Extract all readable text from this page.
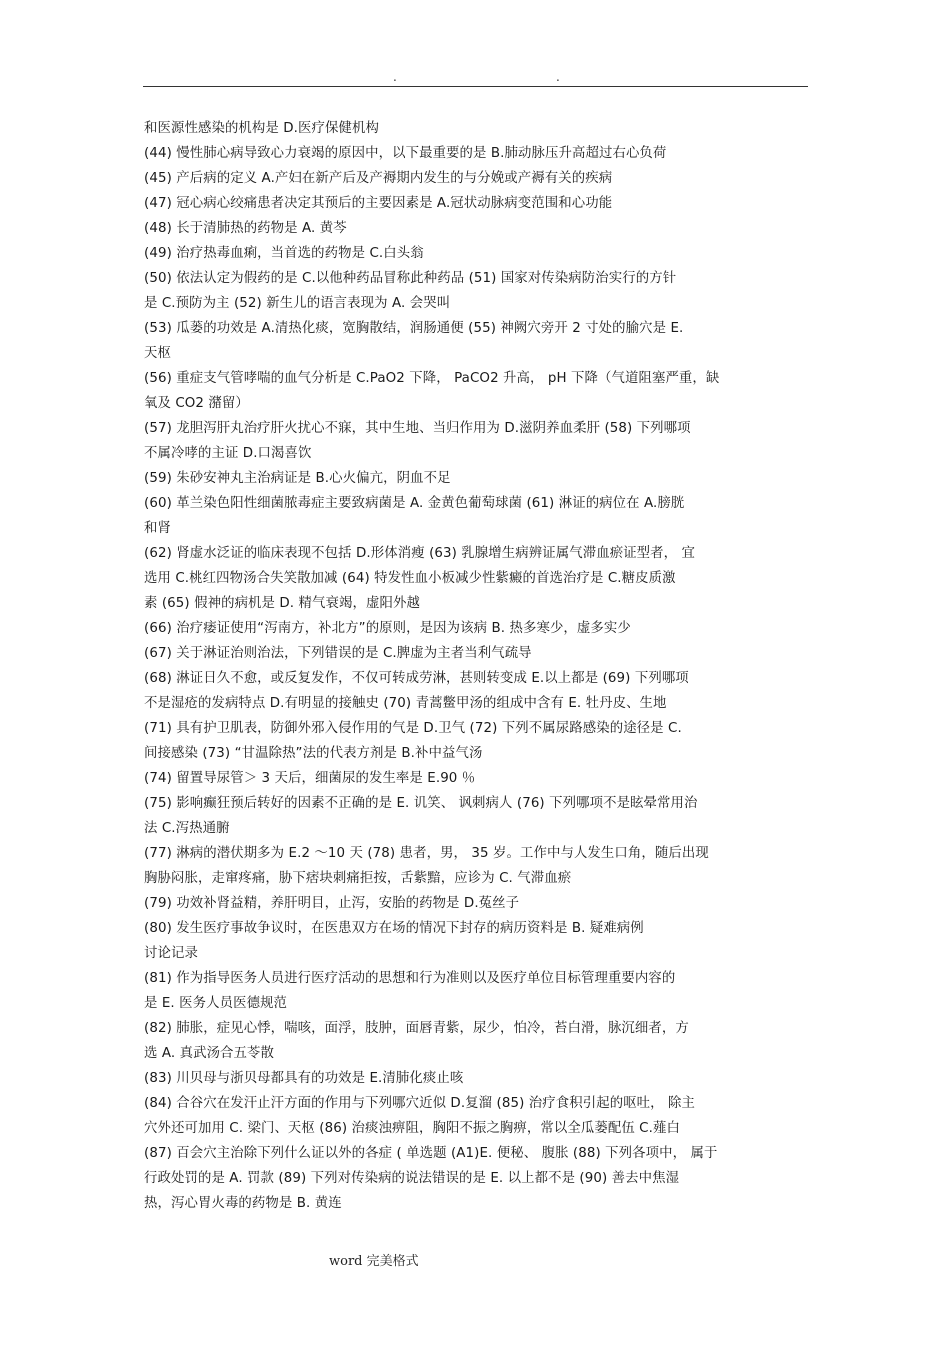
.	.
和医源性感染的机构是 D.医疗保健机构
(44) 慢性肺心病导致心力衰竭的原因中，以下最重要的是 B.肺动脉压升高超过右心负荷
(45) 产后病的定义 A.产妇在新产后及产褥期内发生的与分娩或产褥有关的疾病
(47) 冠心病心绞痛患者决定其预后的主要因素是 A.冠状动脉病变范围和心功能
(48) 长于清肺热的药物是 A. 黄芩
(49) 治疗热毒血痢，当首选的药物是 C.白头翁
(50) 依法认定为假药的是 C.以他种药品冒称此种药品 (51) 国家对传染病防治实行的方针
是 C.预防为主 (52) 新生儿的语言表现为 A. 会哭叫
(53) 瓜蒌的功效是 A.清热化痰，宽胸散结，润肠通便 (55) 神阙穴旁开 2 寸处的腧穴是 E.
天枢
(56) 重症支气管哮喘的血气分析是 C.PaO2 下降， PaCO2 升高， pH 下降（气道阻塞严重，缺
氧及 CO2 潴留）
(57) 龙胆泻肝丸治疗肝火扰心不寐，其中生地、当归作用为 D.滋阴养血柔肝 (58) 下列哪项
不属冷哮的主证 D.口渴喜饮
(59) 朱砂安神丸主治病证是 B.心火偏亢，阴血不足
(60) 革兰染色阳性细菌脓毒症主要致病菌是 A. 金黄色葡萄球菌 (61) 淋证的病位在 A.膀胱
和肾
(62) 肾虚水泛证的临床表现不包括 D.形体消瘦 (63) 乳腺增生病辨证属气滞血瘀证型者， 宜
选用 C.桃红四物汤合失笑散加减 (64) 特发性血小板减少性紫癜的首选治疗是 C.糖皮质激
素 (65) 假神的病机是 D. 精气衰竭，虚阳外越
(66) 治疗痿证使用“泻南方，补北方”的原则，是因为该病 B. 热多寒少，虚多实少
(67) 关于淋证治则治法，下列错误的是 C.脾虚为主者当利气疏导
(68) 淋证日久不愈，或反复发作，不仅可转成劳淋，甚则转变成 E.以上都是 (69) 下列哪项
不是湿疮的发病特点 D.有明显的接触史 (70) 青蒿鳖甲汤的组成中含有 E. 牡丹皮、生地
(71) 具有护卫肌表，防御外邪入侵作用的气是 D.卫气 (72) 下列不属尿路感染的途径是 C.
间接感染 (73) “甘温除热”法的代表方剂是 B.补中益气汤
(74) 留置导尿管＞ 3 天后，细菌尿的发生率是 E.90 ％
(75) 影响癫狂预后转好的因素不正确的是 E. 讥笑、 讽刺病人 (76) 下列哪项不是眩晕常用治
法 C.泻热通腑
(77) 淋病的潜伏期多为 E.2 ～10 天 (78) 患者，男， 35 岁。工作中与人发生口角，随后出现
胸胁闷胀，走窜疼痛，胁下痞块刺痛拒按，舌紫黯，应诊为 C. 气滞血瘀
(79) 功效补肾益精，养肝明目，止泻，安胎的药物是 D.菟丝子
(80) 发生医疗事故争议时，在医患双方在场的情况下封存的病历资料是 B. 疑难病例
讨论记录
(81) 作为指导医务人员进行医疗活动的思想和行为准则以及医疗单位目标管理重要内容的
是 E. 医务人员医德规范
(82) 肺胀，症见心悸，喘咳，面浮，肢肿，面唇青紫，尿少，怕冷，苔白滑，脉沉细者，方
选 A. 真武汤合五苓散
(83) 川贝母与浙贝母都具有的功效是 E.清肺化痰止咳
(84) 合谷穴在发汗止汗方面的作用与下列哪穴近似 D.复溜 (85) 治疗食积引起的呕吐， 除主
穴外还可加用 C. 梁门、天枢 (86) 治痰浊痹阻，胸阳不振之胸痹，常以全瓜蒌配伍 C.薤白
(87) 百会穴主治除下列什么证以外的各症 ( 单选题 (A1)E. 便秘、 腹胀 (88) 下列各项中， 属于
行政处罚的是 A. 罚款 (89) 下列对传染病的说法错误的是 E. 以上都不是 (90) 善去中焦湿
热，泻心胃火毒的药物是 B. 黄连
word 完美格式
